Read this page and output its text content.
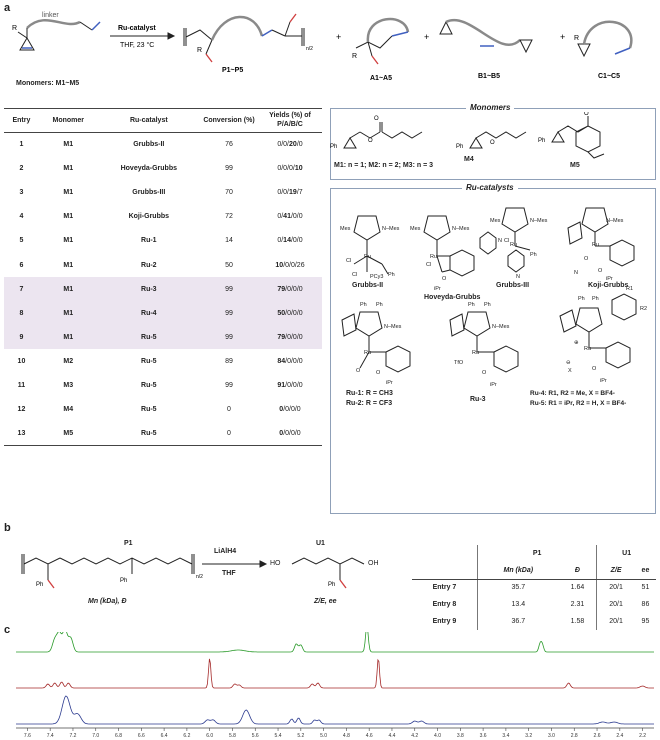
a
b
c
R
linker
Ru-catalyst
THF, 23 °C
R	n/2
P1~P5
+
R
A1~A5
+
B1~B5
+ R
C1~C5
Monomers: M1~M5
Entry	Monomer	Ru-catalyst	Conversion (%)	Yields (%) of P/A/B/C
1	M1	Grubbs-II	76	0/0/20/0
2	M1	Hoveyda-Grubbs	99	0/0/0/10
3	M1	Grubbs-III	70	0/0/19/7
4	M1	Koji-Grubbs	72	0/41/0/0
5	M1	Ru-1	14	0/14/0/0
6	M1	Ru-2	50	10/0/0/26
7	M1	Ru-3	99	79/0/0/0
8	M1	Ru-4	99	50/0/0/0
9	M1	Ru-5	99	79/0/0/0
10	M2	Ru-5	89	84/0/0/0
11	M3	Ru-5	99	91/0/0/0
12	M4	Ru-5	0	0/0/0/0
13	M5	Ru-5	0	0/0/0/0
Monomers
Ph
O
O
Ph
O	Ph
O
M1: n = 1; M2: n = 2; M3: n = 3
M4
M5
Ru-catalysts
Mes	N–Mes
Ru
Cl
Cl PCy3 Ph
Mes	N–Mes
Ru
Cl
O
iPr
Mes	N–Mes
Ru
Cl
Ph
N
N
N–Mes
Ru
O
O
iPr
N
Ph Ph
N–Mes
Ru
O	O
iPr
Ph Ph
N–Mes
Ru
TfO
O
iPr
Ph Ph
R1
R2
Ru
⊕
⊖
X	O
iPr
Grubbs-II
Hoveyda-Grubbs
Grubbs-III	Koji-Grubbs
Ru-1: R = CH3
Ru-2: R = CF3
Ru-3
Ru-4: R1, R2 = Me, X = BF4-
Ru-5: R1 = iPr, R2 = H, X = BF4-
Ph
Ph
n/2
Ph
P1
LiAlH4
THF
U1
HO	OH
Mn (kDa), Đ	Z/E, ee
	P1		U1	
	Mn (kDa)	Đ	Z/E	ee
Entry 7	35.7	1.64	20/1	51
Entry 8	13.4	2.31	20/1	86
Entry 9	36.7	1.58	20/1	95
7.6	7.4	7.2	7.0	6.8	6.6	6.4	6.2	6.0	5.8	5.6	5.4	5.2	5.0	4.8	4.6	4.4	4.2	4.0	3.8	3.6	3.4	3.2	3.0	2.8	2.6	2.4	2.2
